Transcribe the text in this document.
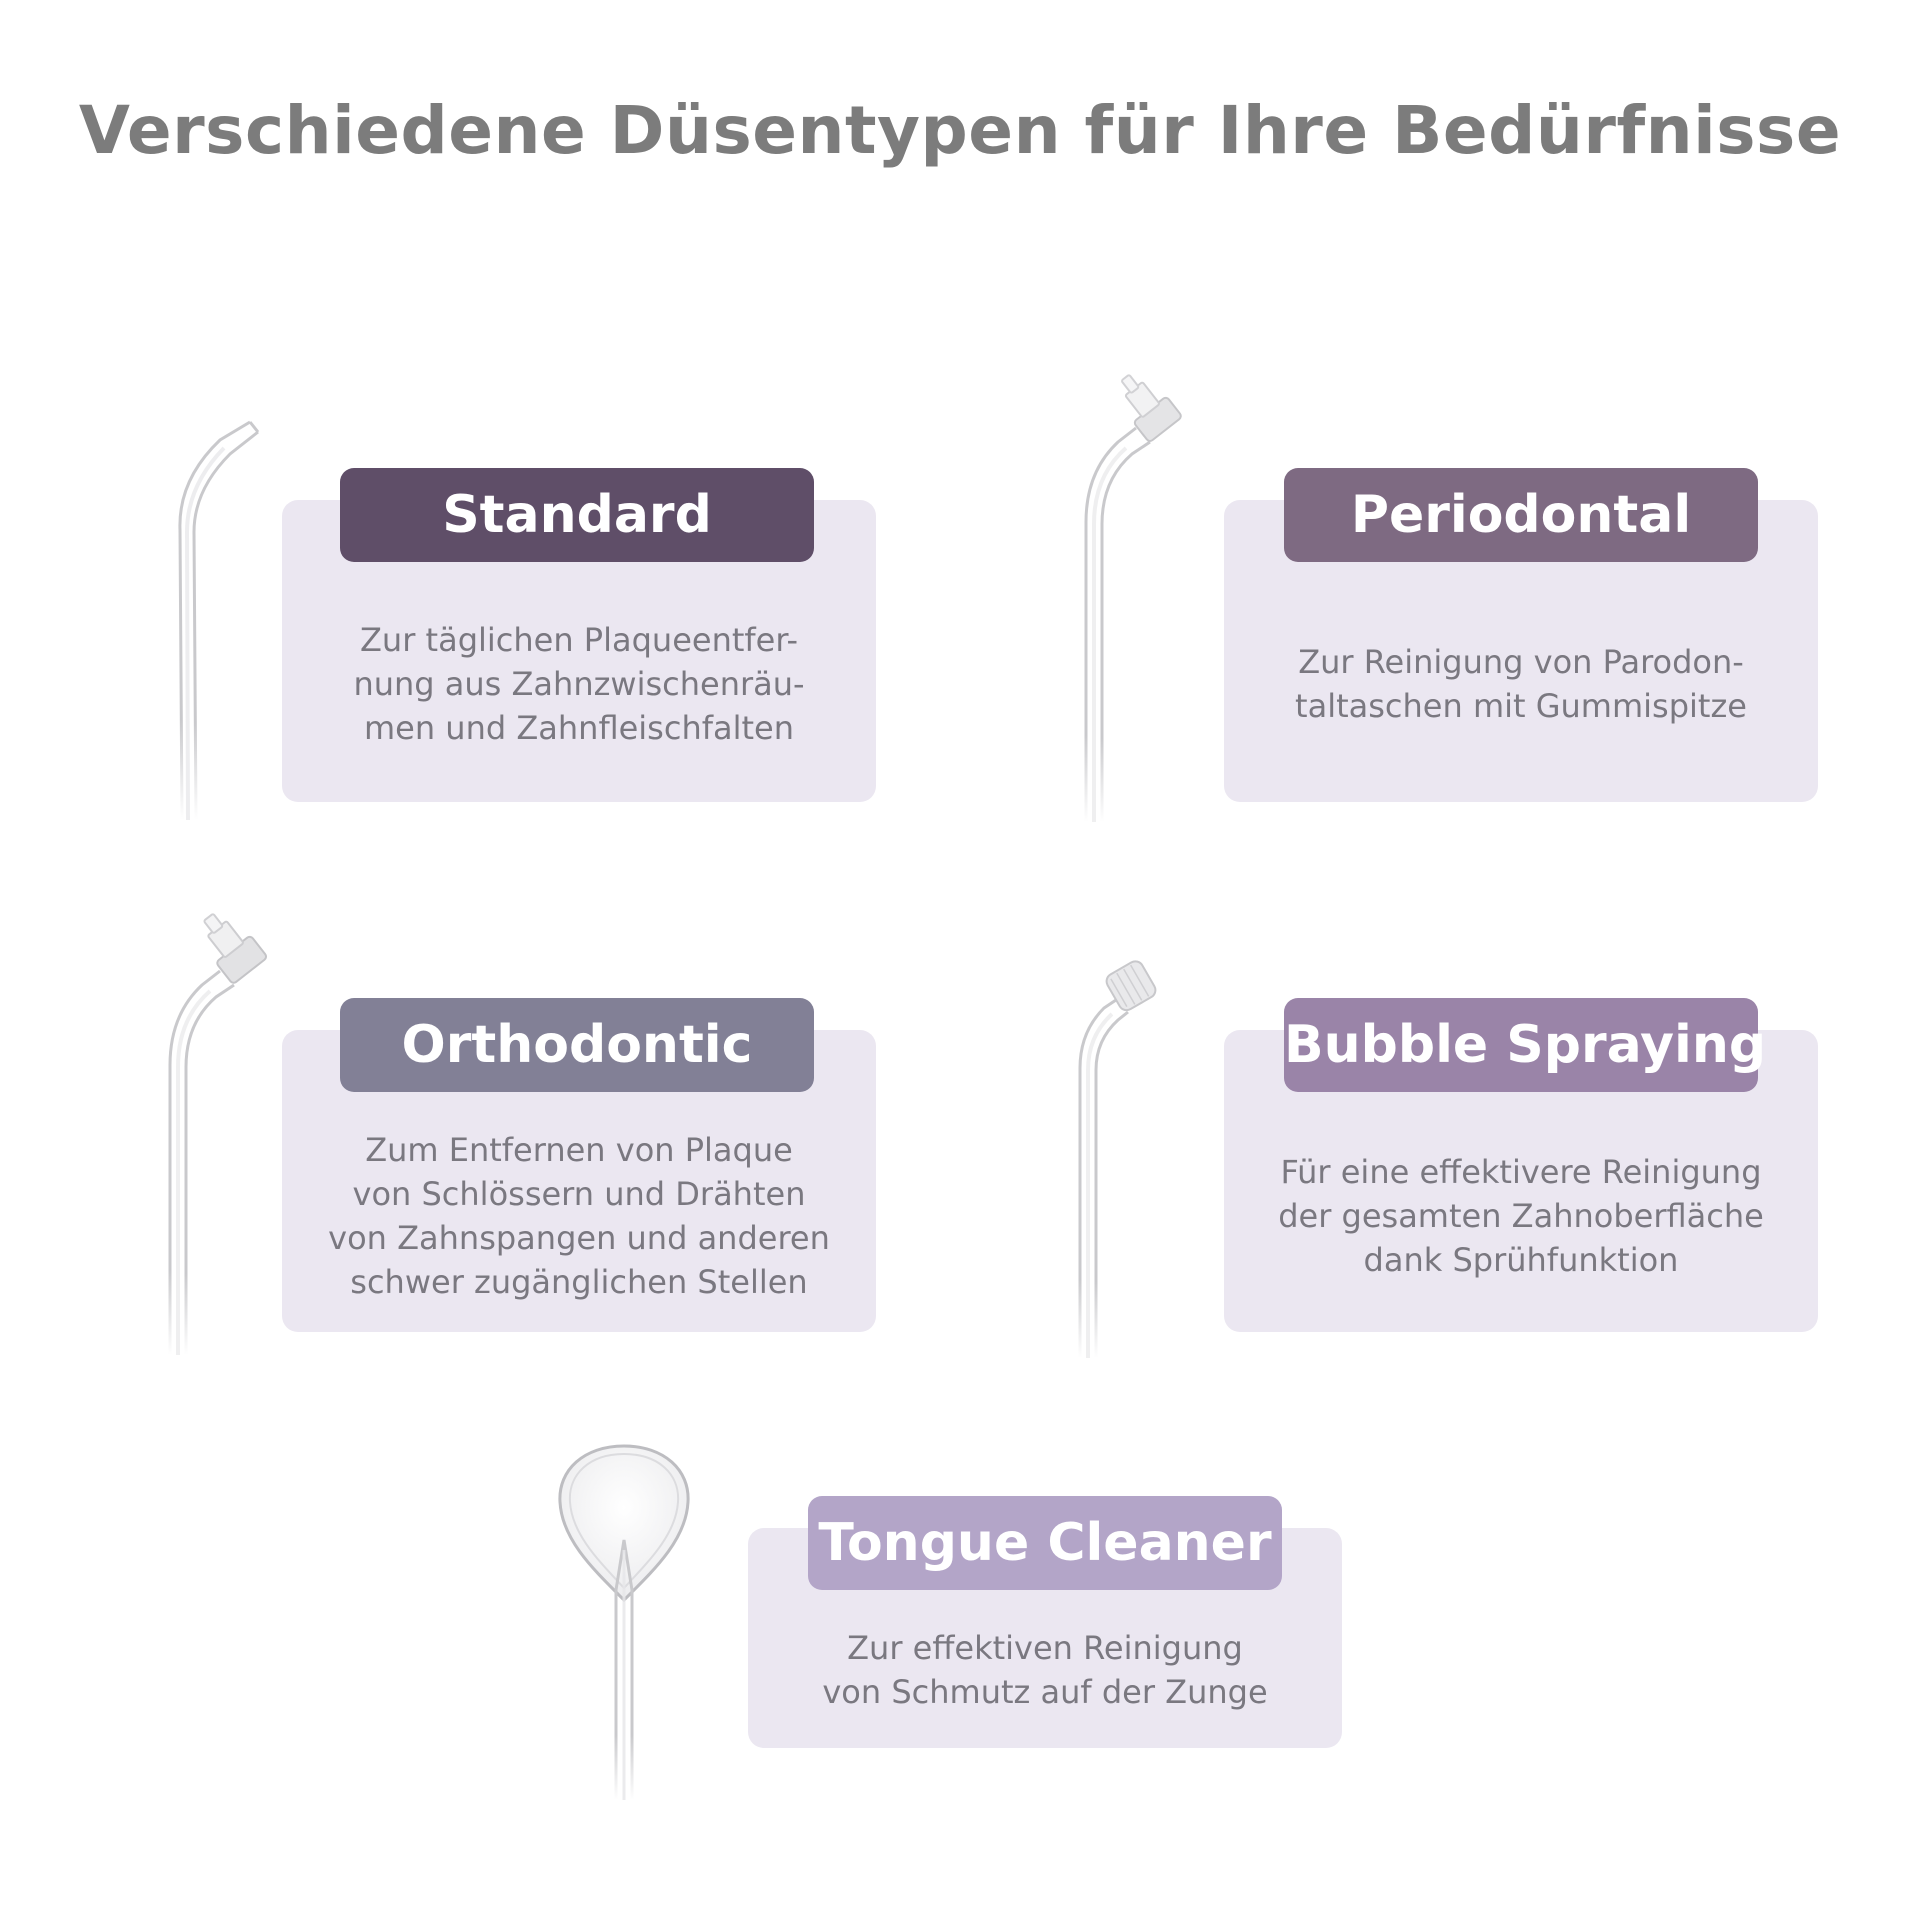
Verschiedene Düsentypen für Ihre Bedürfnisse
Zur täglichen Plaqueentfer-
nung aus Zahnzwischenräu-
men und Zahnfleischfalten
Standard
Zur Reinigung von Parodon-
taltaschen mit Gummispitze
Periodontal
Zum Entfernen von Plaque
von Schlössern und Drähten
von Zahnspangen und anderen
schwer zugänglichen Stellen
Orthodontic
Für eine effektivere Reinigung
der gesamten Zahnoberfläche
dank Sprühfunktion
Bubble Spraying
Zur effektiven Reinigung
von Schmutz auf der Zunge
Tongue Cleaner
